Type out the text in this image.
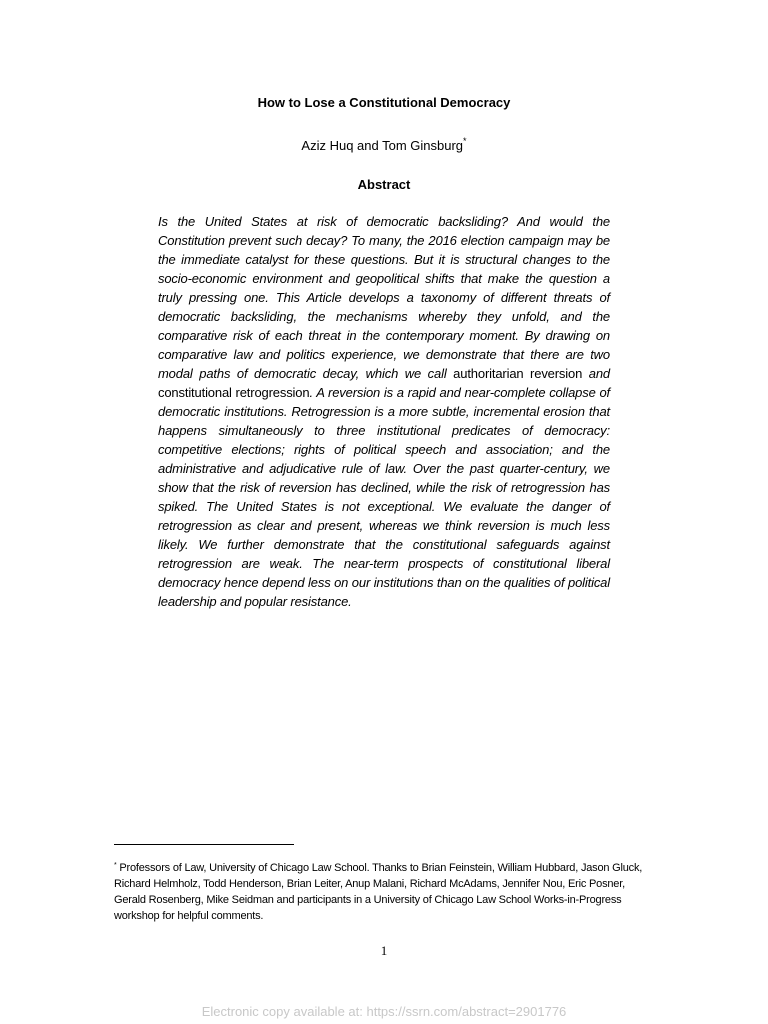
How to Lose a Constitutional Democracy
Aziz Huq and Tom Ginsburg*
Abstract
Is the United States at risk of democratic backsliding? And would the Constitution prevent such decay? To many, the 2016 election campaign may be the immediate catalyst for these questions. But it is structural changes to the socio-economic environment and geopolitical shifts that make the question a truly pressing one. This Article develops a taxonomy of different threats of democratic backsliding, the mechanisms whereby they unfold, and the comparative risk of each threat in the contemporary moment. By drawing on comparative law and politics experience, we demonstrate that there are two modal paths of democratic decay, which we call authoritarian reversion and constitutional retrogression. A reversion is a rapid and near-complete collapse of democratic institutions. Retrogression is a more subtle, incremental erosion that happens simultaneously to three institutional predicates of democracy: competitive elections; rights of political speech and association; and the administrative and adjudicative rule of law. Over the past quarter-century, we show that the risk of reversion has declined, while the risk of retrogression has spiked. The United States is not exceptional. We evaluate the danger of retrogression as clear and present, whereas we think reversion is much less likely. We further demonstrate that the constitutional safeguards against retrogression are weak. The near-term prospects of constitutional liberal democracy hence depend less on our institutions than on the qualities of political leadership and popular resistance.
* Professors of Law, University of Chicago Law School. Thanks to Brian Feinstein, William Hubbard, Jason Gluck, Richard Helmholz, Todd Henderson, Brian Leiter, Anup Malani, Richard McAdams, Jennifer Nou, Eric Posner, Gerald Rosenberg, Mike Seidman and participants in a University of Chicago Law School Works-in-Progress workshop for helpful comments.
1
Electronic copy available at: https://ssrn.com/abstract=2901776
